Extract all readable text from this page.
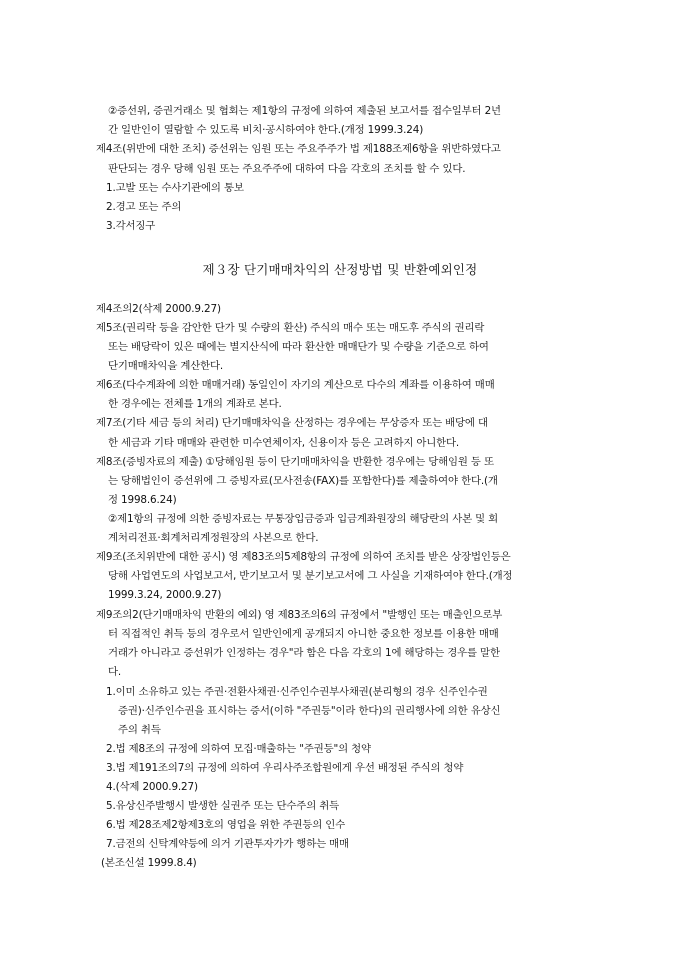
②증선위, 증권거래소 및 협회는 제1항의 규정에 의하여 제출된 보고서를 접수일부터 2년
간 일반인이 열람할 수 있도록 비치·공시하여야 한다.(개정 1999.3.24)
제4조(위반에 대한 조치) 증선위는 임원 또는 주요주주가 법 제188조제6항을 위반하였다고
판단되는 경우 당해 임원 또는 주요주주에 대하여 다음 각호의 조치를 할 수 있다.
1.고발 또는 수사기관에의 통보
2.경고 또는 주의
3.각서징구
제３장 단기매매차익의 산정방법 및 반환예외인정
제4조의2(삭제 2000.9.27)
제5조(권리락 등을 감안한 단가 및 수량의 환산) 주식의 매수 또는 매도후 주식의 권리락
또는 배당락이 있은 때에는 별지산식에 따라 환산한 매매단가 및 수량을 기준으로 하여
단기매매차익을 계산한다.
제6조(다수계좌에 의한 매매거래) 동일인이 자기의 계산으로 다수의 계좌를 이용하여 매매
한 경우에는 전체를 1개의 계좌로 본다.
제7조(기타 세금 등의 처리) 단기매매차익을 산정하는 경우에는 무상증자 또는 배당에 대
한 세금과 기타 매매와 관련한 미수연체이자, 신용이자 등은 고려하지 아니한다.
제8조(증빙자료의 제출) ①당해임원 등이 단기매매차익을 반환한 경우에는 당해임원 등 또
는 당해법인이 증선위에 그 증빙자료(모사전송(FAX)를 포함한다)를 제출하여야 한다.(개
정 1998.6.24)
②제1항의 규정에 의한 증빙자료는 무통장입금증과 입금계좌원장의 해당란의 사본 및 회
계처리전표·회계처리계정원장의 사본으로 한다.
제9조(조치위반에 대한 공시) 영 제83조의5제8항의 규정에 의하여 조치를 받은 상장법인등은
당해 사업연도의 사업보고서, 반기보고서 및 분기보고서에 그 사실을 기재하여야 한다.(개정
1999.3.24, 2000.9.27)
제9조의2(단기매매차익 반환의 예외) 영 제83조의6의 규정에서 "발행인 또는 매출인으로부
터 직접적인 취득 등의 경우로서 일반인에게 공개되지 아니한 중요한 정보를 이용한 매매
거래가 아니라고 증선위가 인정하는 경우"라 함은 다음 각호의 1에 해당하는 경우를 말한
다.
1.이미 소유하고 있는 주권·전환사채권·신주인수권부사채권(분리형의 경우 신주인수권
증권)·신주인수권을 표시하는 증서(이하 "주권등"이라 한다)의 권리행사에 의한 유상신
주의 취득
2.법 제8조의 규정에 의하여 모집·매출하는 "주권등"의 청약
3.법 제191조의7의 규정에 의하여 우리사주조합원에게 우선 배정된 주식의 청약
4.(삭제 2000.9.27)
5.유상신주발행시 발생한 실권주 또는 단수주의 취득
6.법 제28조제2항제3호의 영업을 위한 주권등의 인수
7.금전의 신탁계약등에 의거 기관투자가가 행하는 매매
(본조신설 1999.8.4)
